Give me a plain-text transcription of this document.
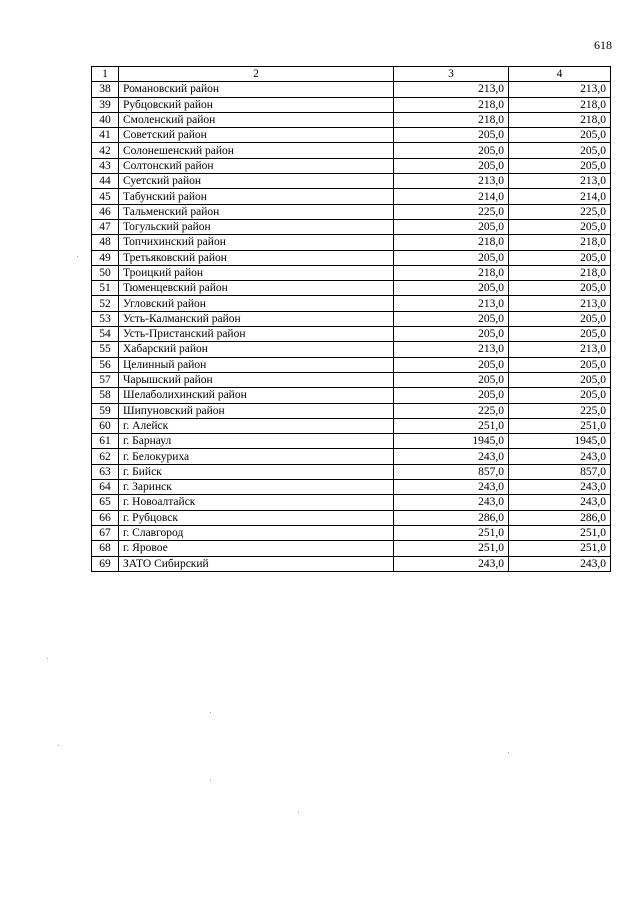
618
1	2	3	4
38	Романовский район	213,0	213,0
39	Рубцовский район	218,0	218,0
40	Смоленский район	218,0	218,0
41	Советский район	205,0	205,0
42	Солонешенский район	205,0	205,0
43	Солтонский район	205,0	205,0
44	Суетский район	213,0	213,0
45	Табунский район	214,0	214,0
46	Тальменский район	225,0	225,0
47	Тогульский район	205,0	205,0
48	Топчихинский район	218,0	218,0
49	Третьяковский район	205,0	205,0
50	Троицкий район	218,0	218,0
51	Тюменцевский район	205,0	205,0
52	Угловский район	213,0	213,0
53	Усть-Калманский район	205,0	205,0
54	Усть-Пристанский район	205,0	205,0
55	Хабарский район	213,0	213,0
56	Целинный район	205,0	205,0
57	Чарышский район	205,0	205,0
58	Шелаболихинский район	205,0	205,0
59	Шипуновский район	225,0	225,0
60	г. Алейск	251,0	251,0
61	г. Барнаул	1945,0	1945,0
62	г. Белокуриха	243,0	243,0
63	г. Бийск	857,0	857,0
64	г. Заринск	243,0	243,0
65	г. Новоалтайск	243,0	243,0
66	г. Рубцовск	286,0	286,0
67	г. Славгород	251,0	251,0
68	г. Яровое	251,0	251,0
69	ЗАТО Сибирский	243,0	243,0
